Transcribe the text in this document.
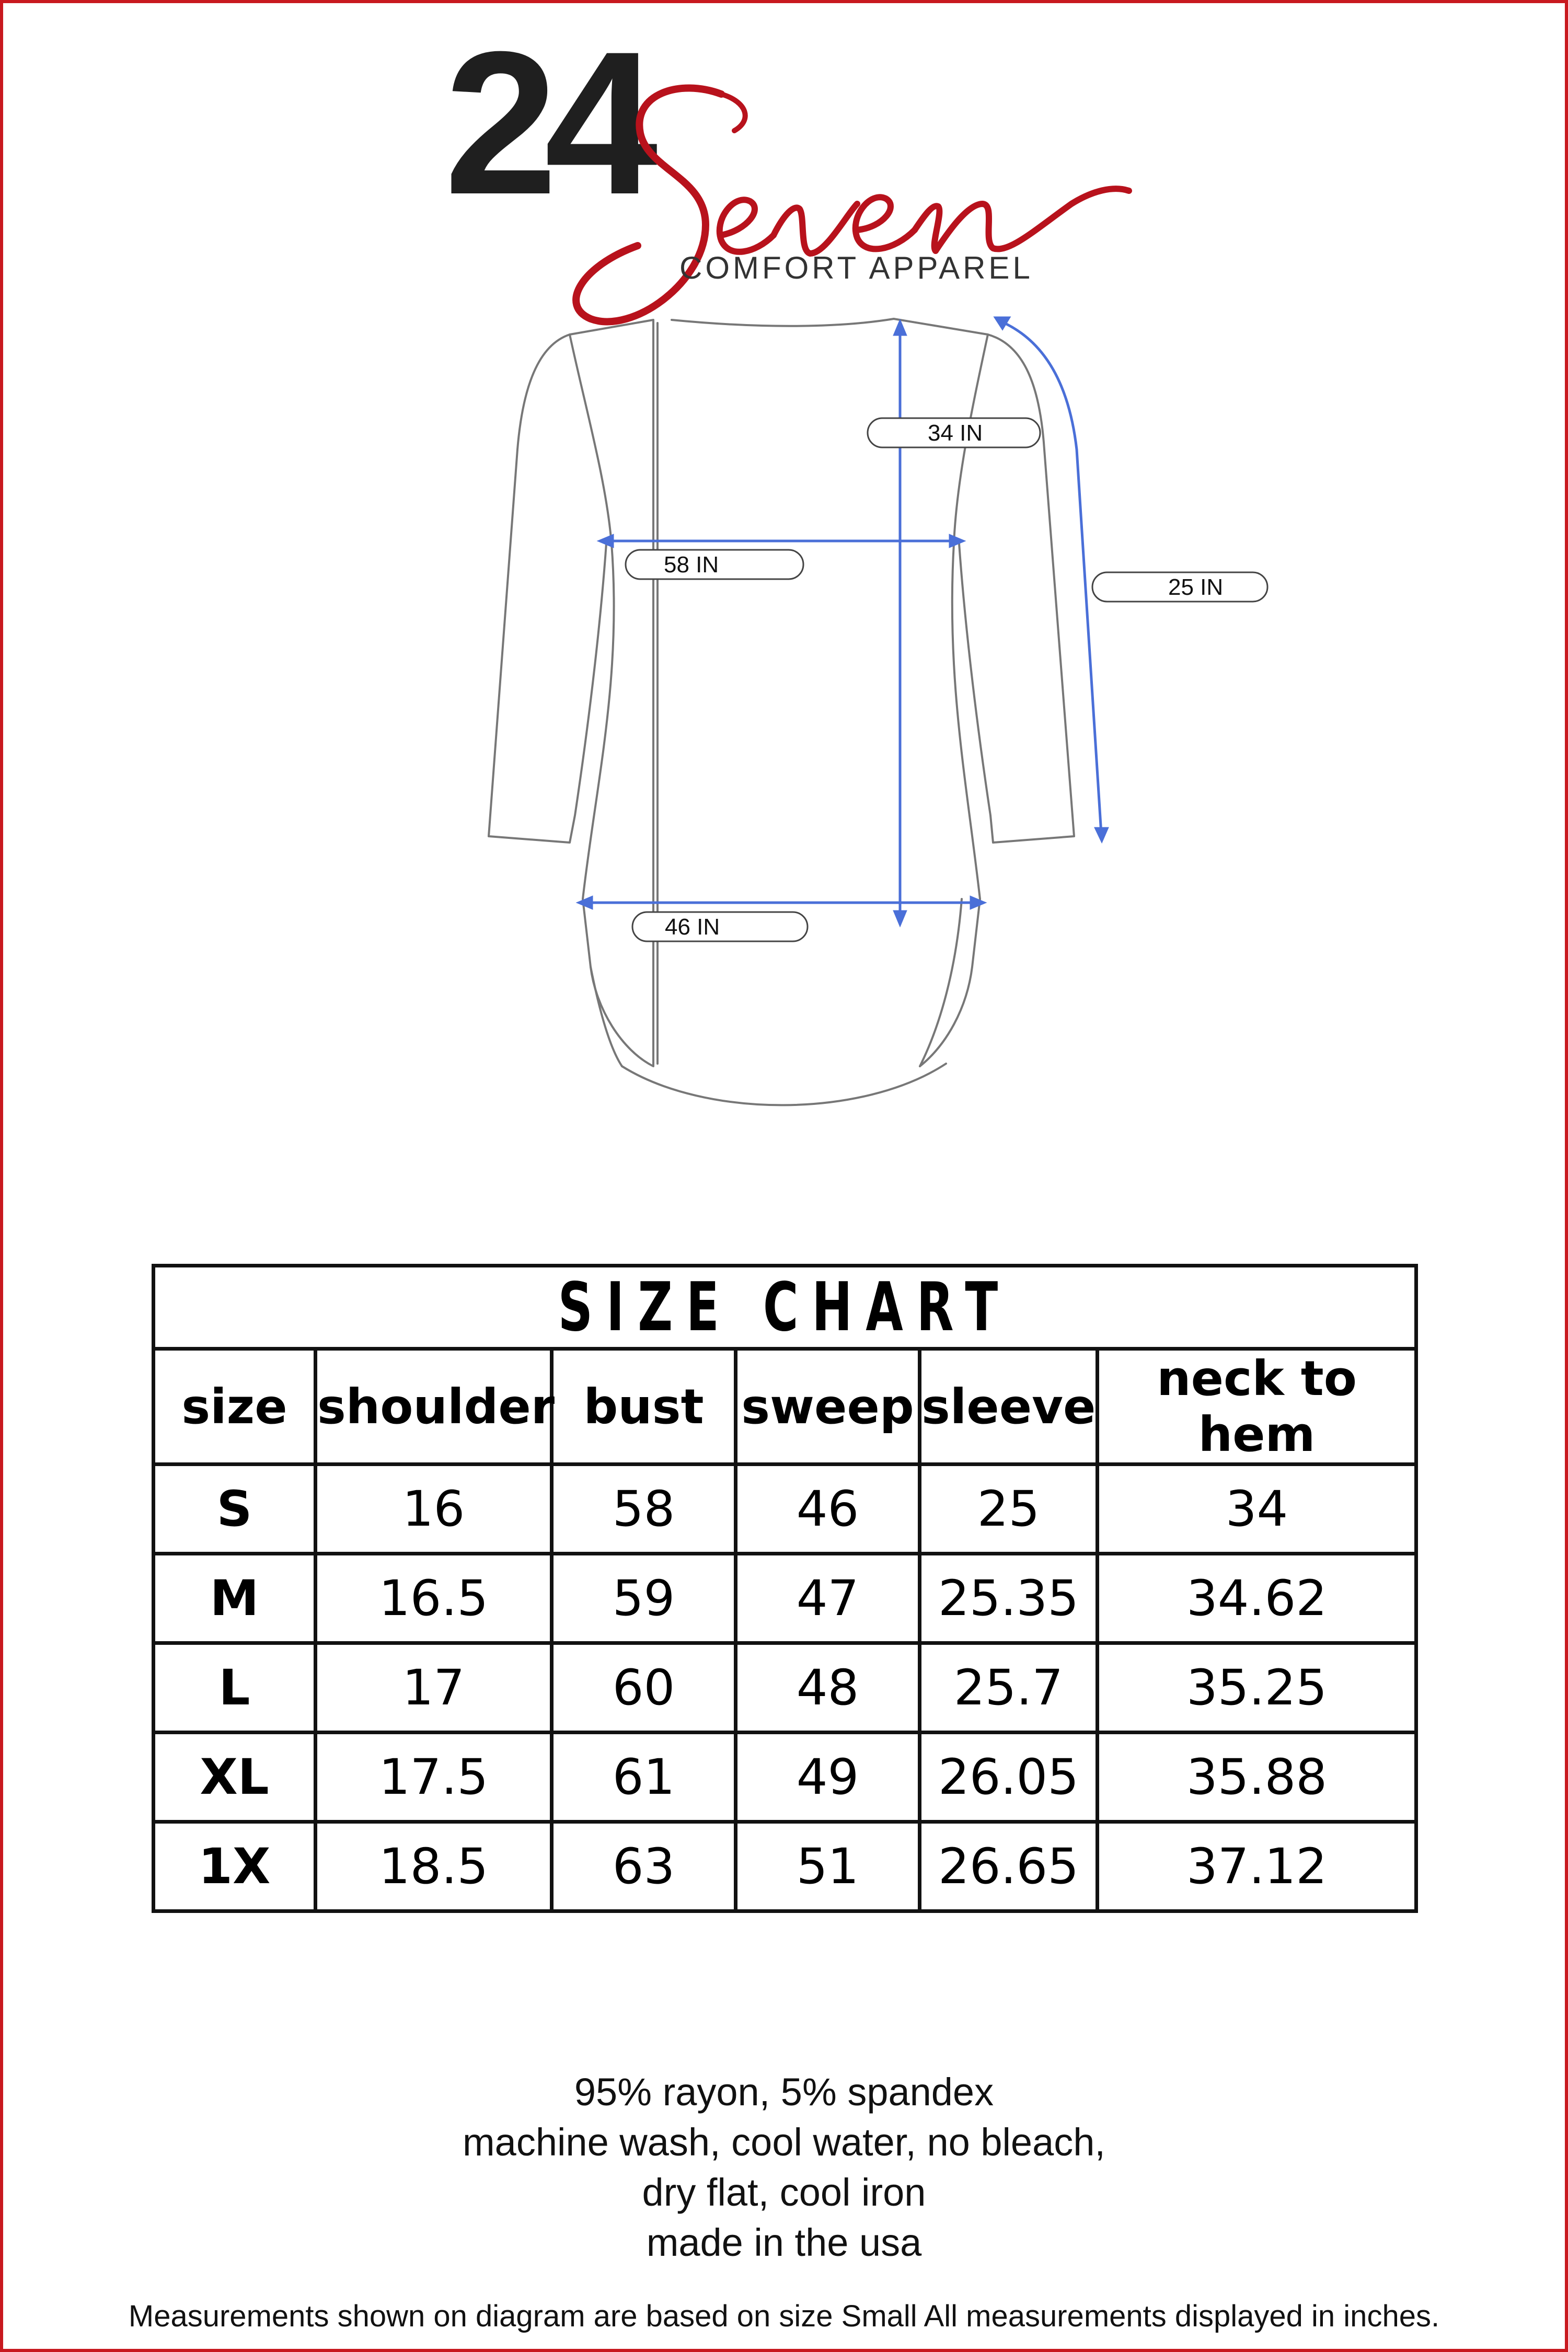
24
COMFORT APPAREL
34 IN
58 IN
25 IN
46 IN
SIZE CHART					
size	shoulder	bust	sweep	sleeve	neck to hem
S	16	58	46	25	34
M	16.5	59	47	25.35	34.62
L	17	60	48	25.7	35.25
XL	17.5	61	49	26.05	35.88
1X	18.5	63	51	26.65	37.12
95% rayon, 5% spandex
machine wash, cool water, no bleach,
dry flat, cool iron
made in the usa
Measurements shown on diagram are based on size Small All measurements displayed in inches.
